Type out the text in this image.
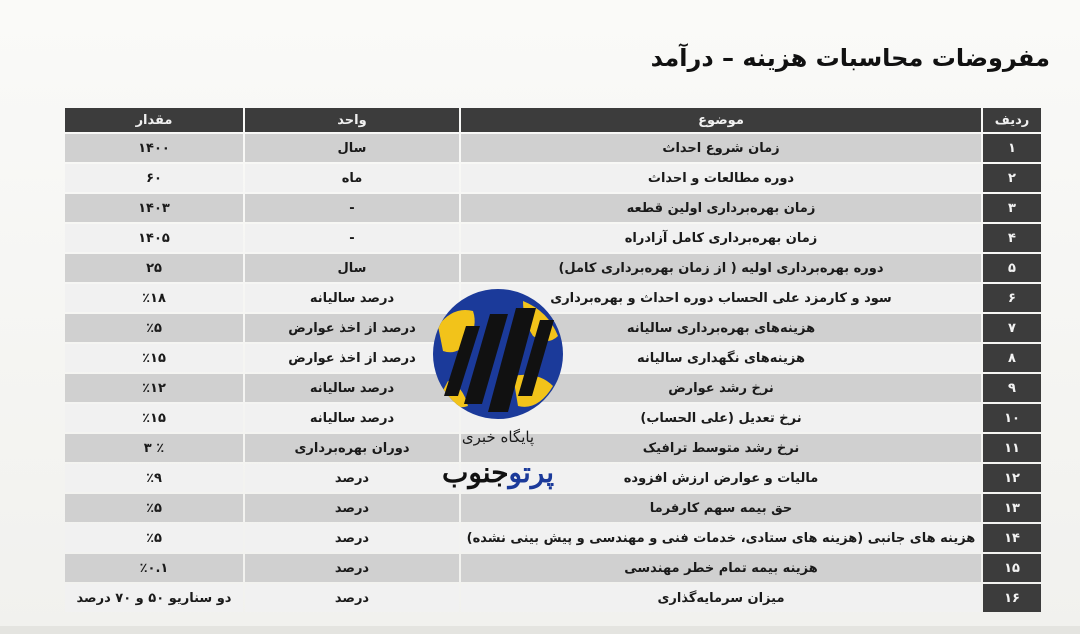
مفروضات محاسبات هزینه – درآمد
ردیف	موضوع	واحد	مقدار
۱	زمان شروع احداث	سال	۱۴۰۰
۲	دوره مطالعات و احداث	ماه	۶۰
۳	زمان بهره‌برداری اولین قطعه	-	۱۴۰۳
۴	زمان بهره‌برداری کامل آزادراه	-	۱۴۰۵
۵	دوره بهره‌برداری اولیه ( از زمان بهره‌برداری کامل)	سال	۲۵
۶	سود و کارمزد علی الحساب دوره احداث و بهره‌برداری	درصد سالیانه	٪۱۸
۷	هزینه‌های بهره‌برداری سالیانه	درصد از اخذ عوارض	٪۵
۸	هزینه‌های نگهداری سالیانه	درصد از اخذ عوارض	٪۱۵
۹	نرخ رشد عوارض	درصد سالیانه	٪۱۲
۱۰	نرخ تعدیل (علی الحساب)	درصد سالیانه	٪۱۵
۱۱	نرخ رشد متوسط ترافیک	دوران بهره‌برداری	٪ ۳
۱۲	مالیات و عوارض ارزش افزوده	درصد	٪۹
۱۳	حق بیمه سهم کارفرما	درصد	٪۵
۱۴	هزینه های جانبی (هزینه های ستادی، خدمات فنی و مهندسی و پیش بینی نشده)	درصد	٪۵
۱۵	هزینه بیمه تمام خطر مهندسی	درصد	٪۰.۱
۱۶	میزان سرمایه‌گذاری	درصد	دو سناریو ۵۰ و ۷۰ درصد
پایگاه خبری
پرتوجنوب
